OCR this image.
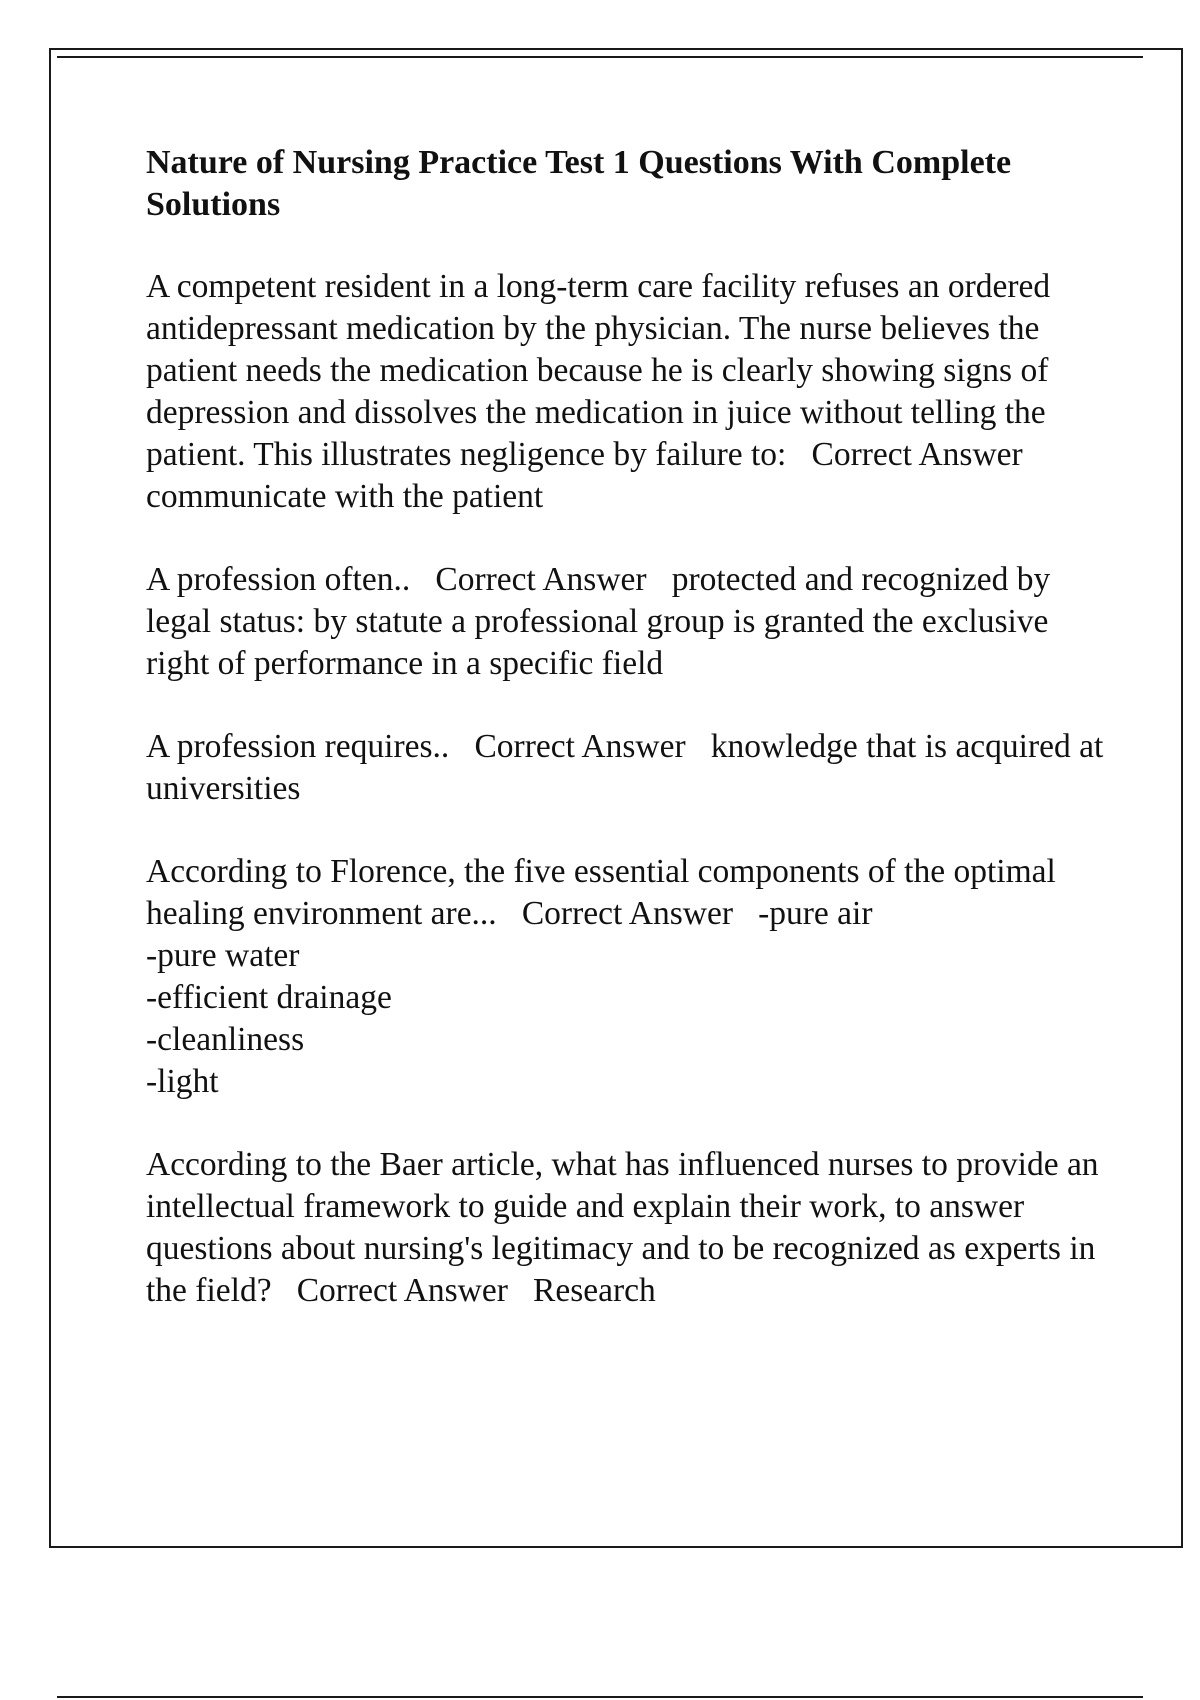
Nature of Nursing Practice Test 1 Questions With Complete Solutions
A competent resident in a long-term care facility refuses an ordered antidepressant medication by the physician. The nurse believes the patient needs the medication because he is clearly showing signs of depression and dissolves the medication in juice without telling the patient. This illustrates negligence by failure to: Correct Answer   communicate with the patient
A profession often.. Correct Answer protected and recognized by legal status: by statute a professional group is granted the exclusive right of performance in a specific field
A profession requires.. Correct Answer knowledge that is acquired at universities
According to Florence, the five essential components of the optimal healing environment are... Correct Answer -pure air
-pure water
-efficient drainage
-cleanliness
-light
According to the Baer article, what has influenced nurses to provide an intellectual framework to guide and explain their work, to answer questions about nursing's legitimacy and to be recognized as experts in the field? Correct Answer Research
